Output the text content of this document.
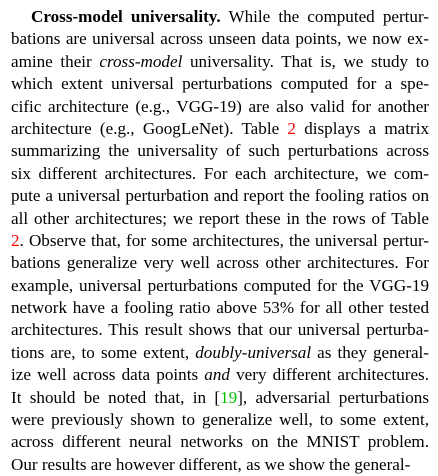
Cross-model universality. While the computed pertur-
bations are universal across unseen data points, we now ex-
amine their cross-model universality. That is, we study to
which extent universal perturbations computed for a spe-
cific architecture (e.g., VGG-19) are also valid for another
architecture (e.g., GoogLeNet). Table 2 displays a matrix
summarizing the universality of such perturbations across
six different architectures. For each architecture, we com-
pute a universal perturbation and report the fooling ratios on
all other architectures; we report these in the rows of Table
2. Observe that, for some architectures, the universal pertur-
bations generalize very well across other architectures. For
example, universal perturbations computed for the VGG-19
network have a fooling ratio above 53% for all other tested
architectures. This result shows that our universal perturba-
tions are, to some extent, doubly-universal as they general-
ize well across data points and very different architectures.
It should be noted that, in [19], adversarial perturbations
were previously shown to generalize well, to some extent,
across different neural networks on the MNIST problem.
Our results are however different, as we show the general-
